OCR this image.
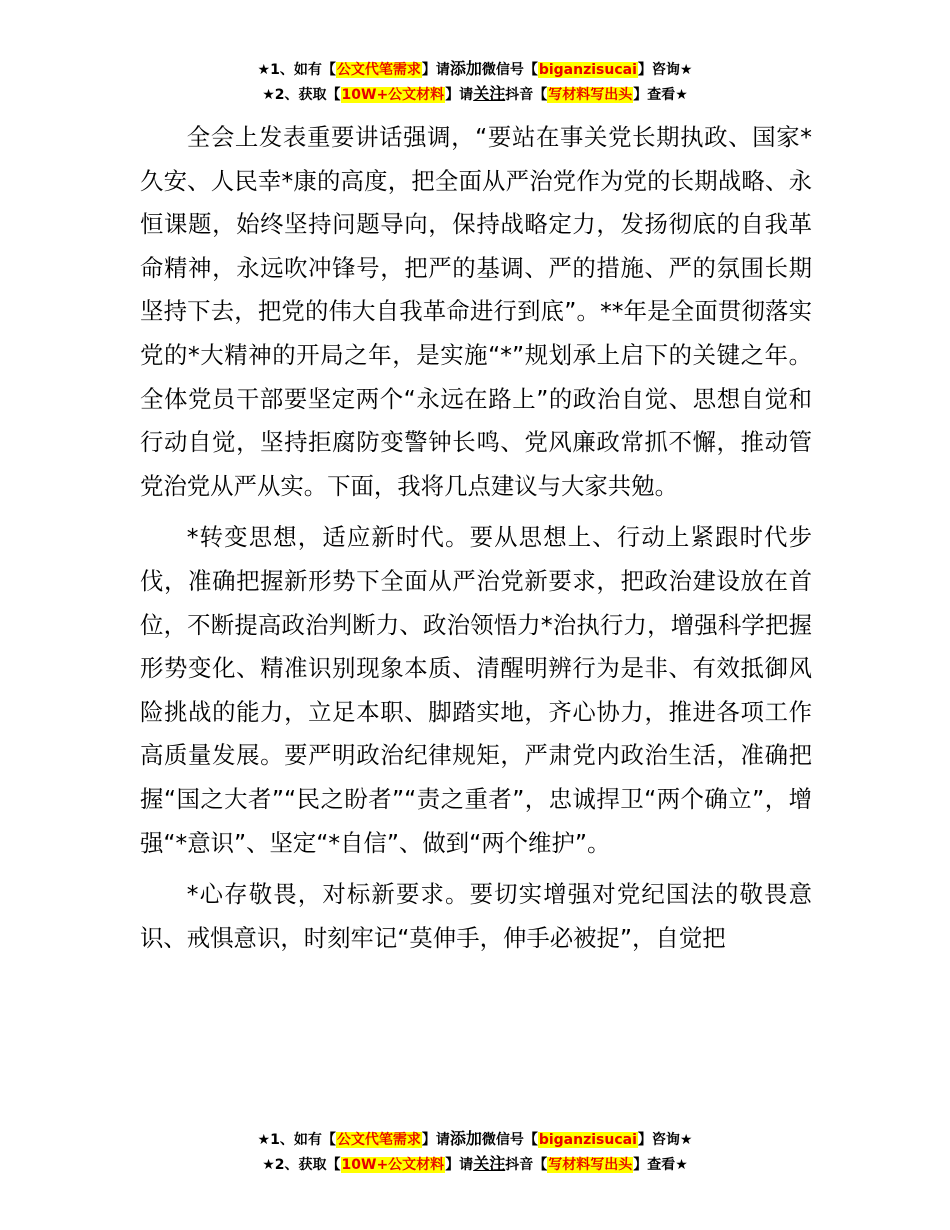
★1、如有【公文代笔需求】请添加微信号【biganzisucai】咨询★
★2、获取【10W+公文材料】请关注抖音【写材料写出头】查看★

全会上发表重要讲话强调，“要站在事关党长期执政、国家*久安、人民幸*康的高度，把全面从严治党作为党的长期战略、永恒课题，始终坚持问题导向，保持战略定力，发扬彻底的自我革命精神，永远吹冲锋号，把严的基调、严的措施、严的氛围长期坚持下去，把党的伟大自我革命进行到底”。**年是全面贯彻落实党的*大精神的开局之年，是实施“*”规划承上启下的关键之年。全体党员干部要坚定两个“永远在路上”的政治自觉、思想自觉和行动自觉，坚持拒腐防变警钟长鸣、党风廉政常抓不懈，推动管党治党从严从实。下面，我将几点建议与大家共勉。

*转变思想，适应新时代。要从思想上、行动上紧跟时代步伐，准确把握新形势下全面从严治党新要求，把政治建设放在首位，不断提高政治判断力、政治领悟力*治执行力，增强科学把握形势变化、精准识别现象本质、清醒明辨行为是非、有效抵御风险挑战的能力，立足本职、脚踏实地，齐心协力，推进各项工作高质量发展。要严明政治纪律规矩，严肃党内政治生活，准确把握“国之大者”“民之盼者”“责之重者”，忠诚捍卫“两个确立”，增强“*意识”、坚定“*自信”、做到“两个维护”。

*心存敬畏，对标新要求。要切实增强对党纪国法的敬畏意识、戒惧意识，时刻牢记“莫伸手，伸手必被捉”，自觉把

★1、如有【公文代笔需求】请添加微信号【biganzisucai】咨询★
★2、获取【10W+公文材料】请关注抖音【写材料写出头】查看★
